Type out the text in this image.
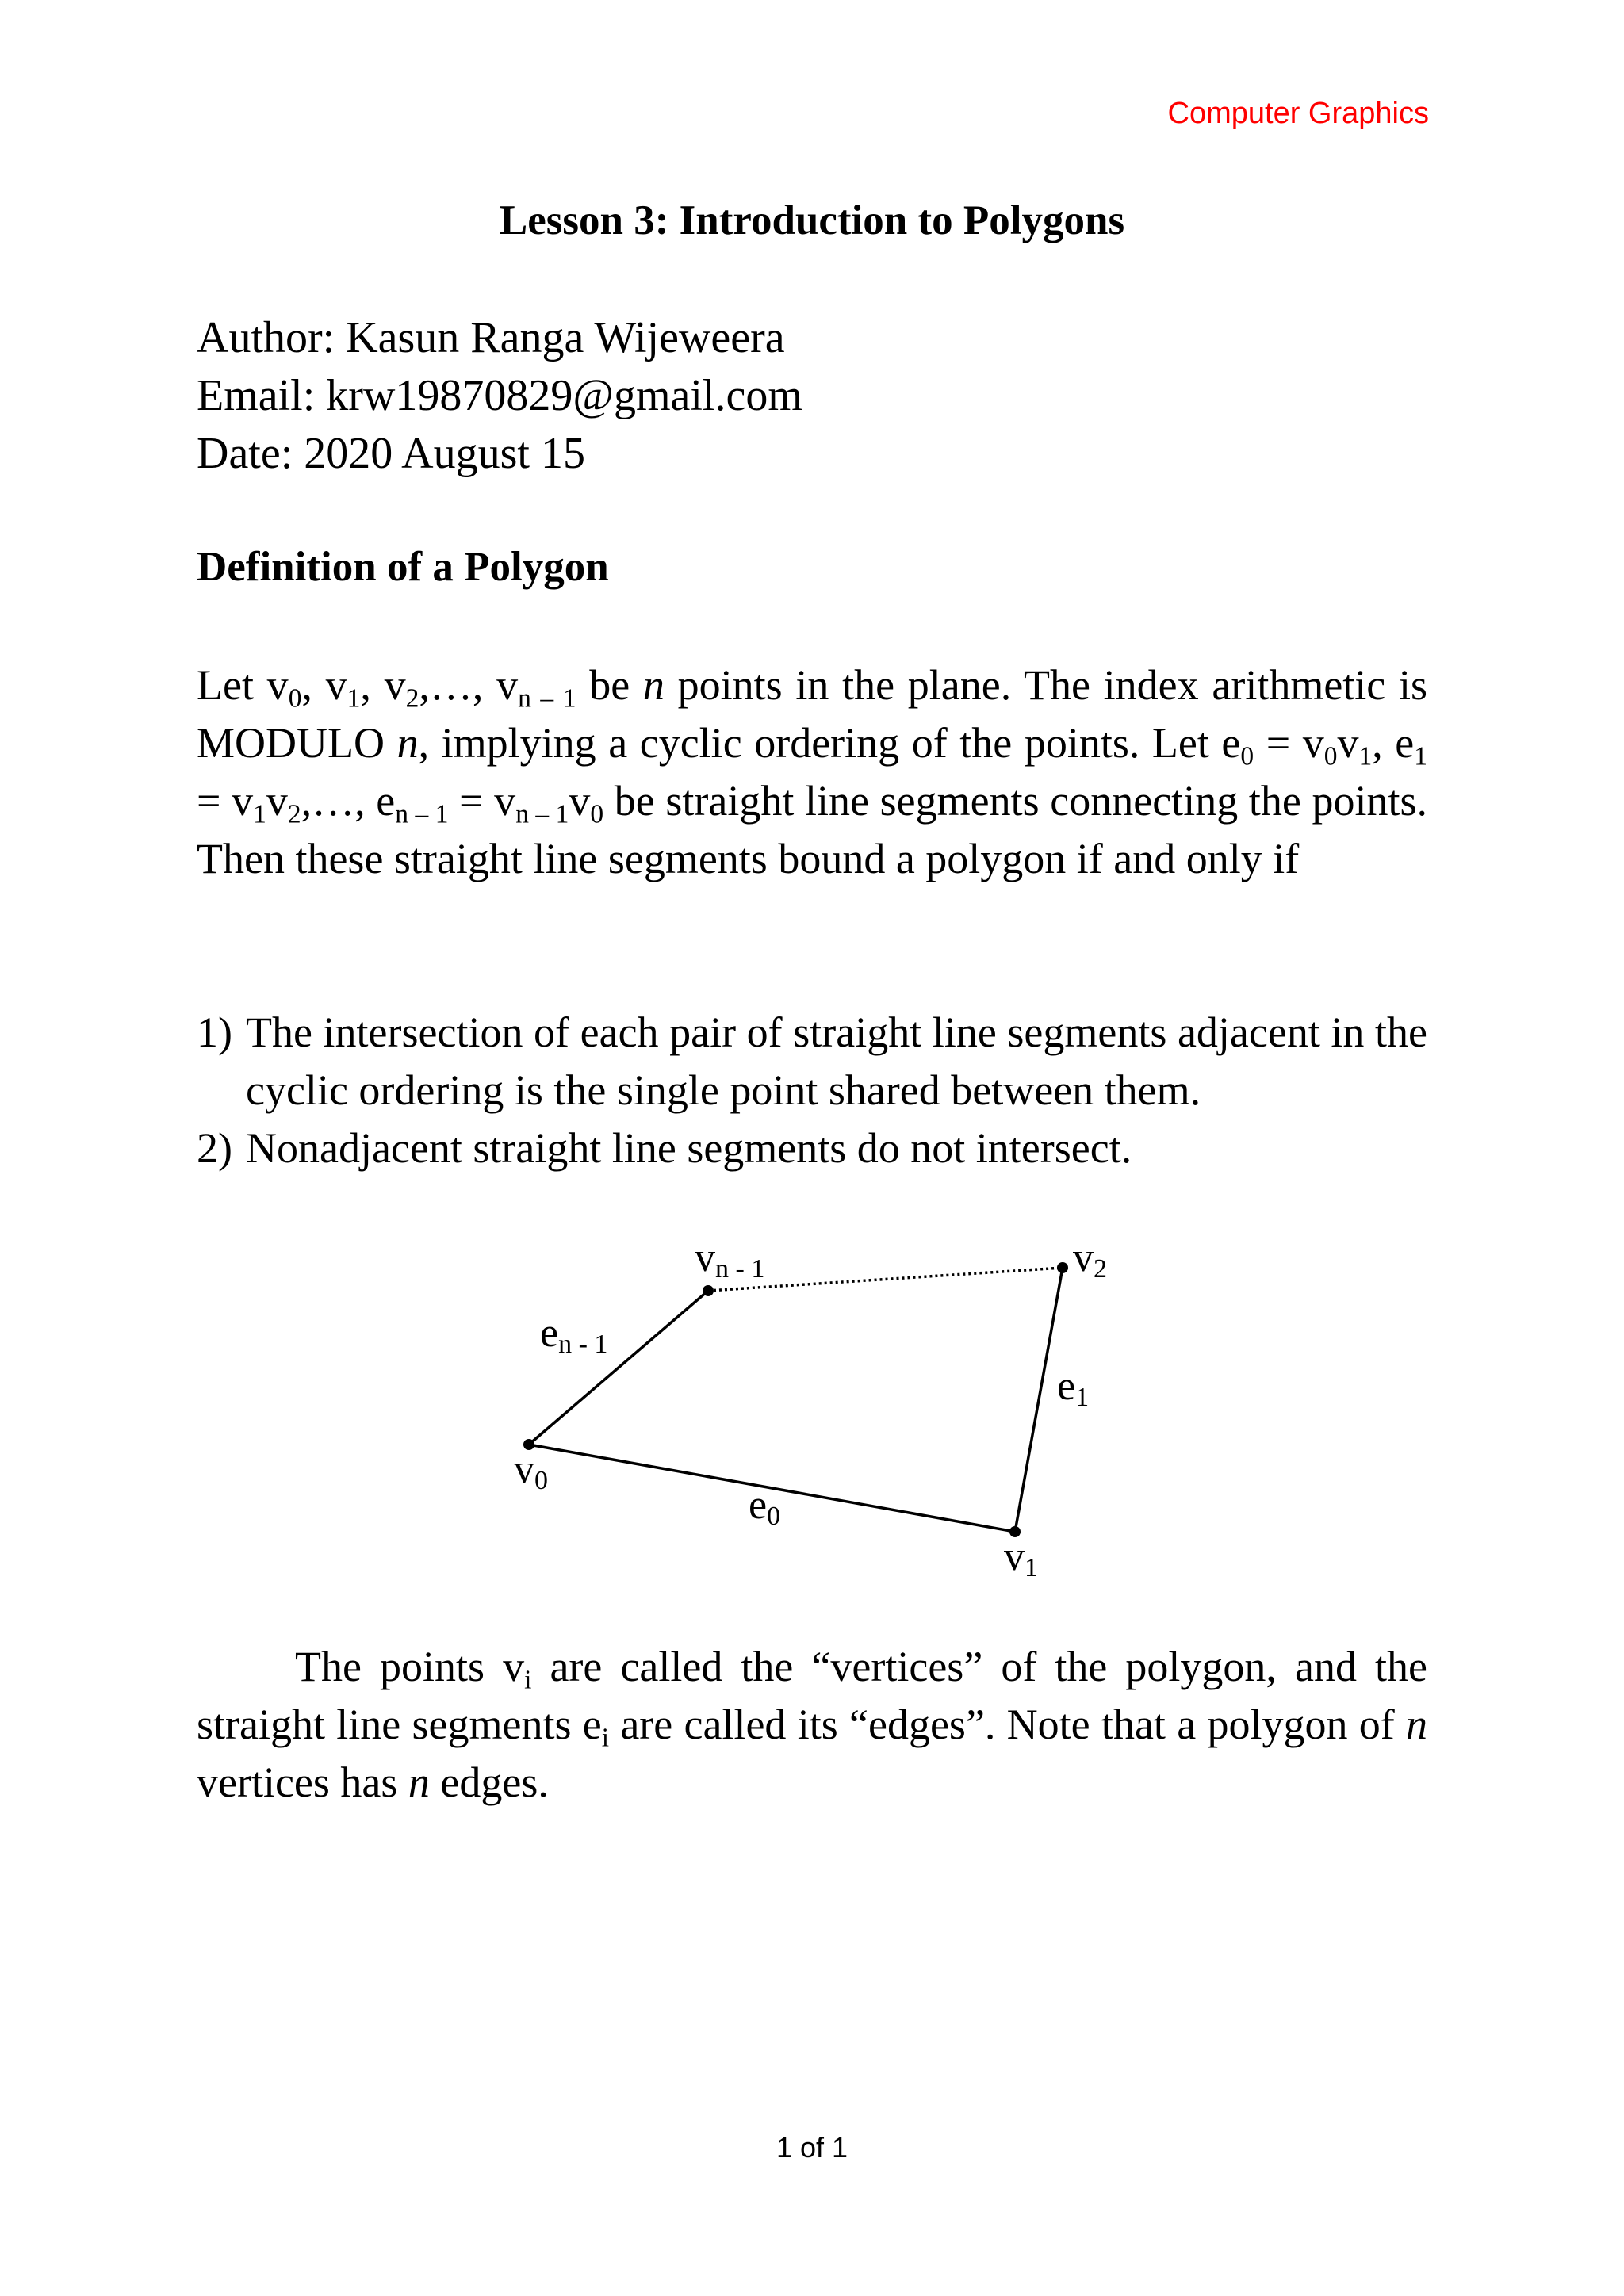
Computer Graphics
Lesson 3: Introduction to Polygons
Author: Kasun Ranga Wijeweera
Email: krw19870829@gmail.com
Date: 2020 August 15
Definition of a Polygon
Let $v_0$, $v_1$, $v_2,\dots$, $v_{n - 1}$ be n points in the plane. The index arithmetic is MODULO n, implying a cyclic ordering of the points. Let $e_0 = v_0v_1$, $e_1$ = $v_1v_2,\dots$, $e_{n - 1} = v_{n - 1}v_0$ be straight line segments connecting the points. Then these straight line segments bound a polygon if and only if
1) The intersection of each pair of straight line segments adjacent in the cyclic ordering is the single point shared between them.
2) Nonadjacent straight line segments do not intersect.
vn - 1	v2
en - 1
e1
v0
e0
v1
The points $v_i$ are called the “vertices” of the polygon, and the straight line segments $e_i$ are called its “edges”. Note that a polygon of n vertices has n edges.
1 of 1
